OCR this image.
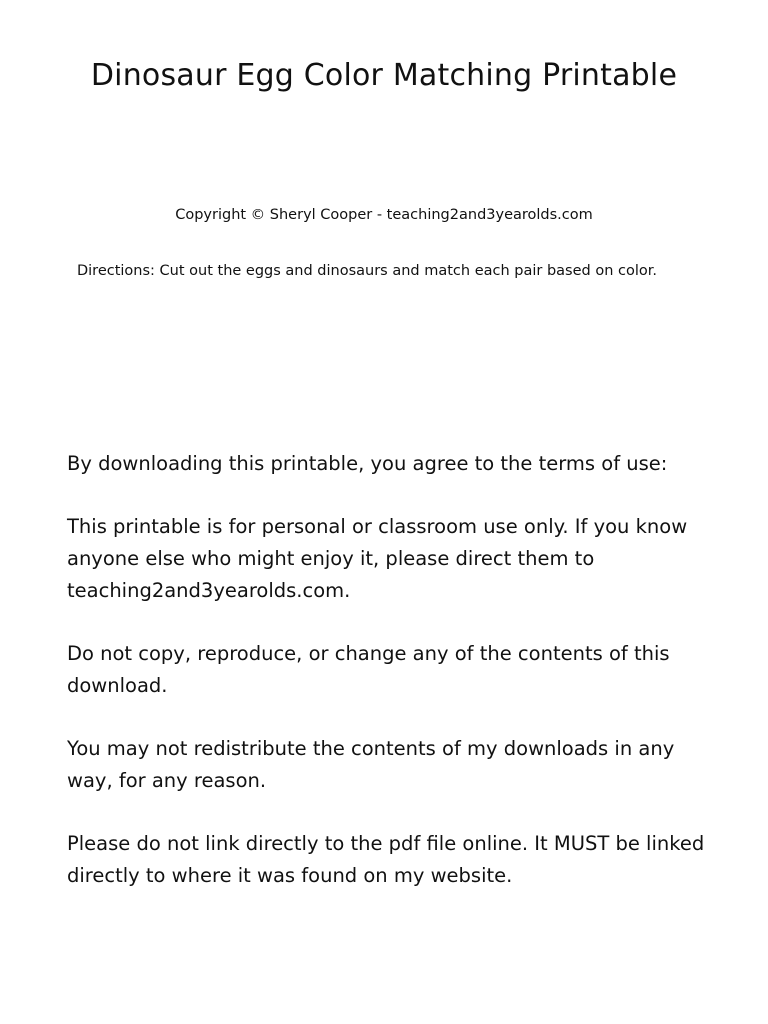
Dinosaur Egg Color Matching Printable

Copyright © Sheryl Cooper - teaching2and3yearolds.com

Directions: Cut out the eggs and dinosaurs and match each pair based on color.

By downloading this printable, you agree to the terms of use:

This printable is for personal or classroom use only. If you know anyone else who might enjoy it, please direct them to teaching2and3yearolds.com.

Do not copy, reproduce, or change any of the contents of this download.

You may not redistribute the contents of my downloads in any way, for any reason.

Please do not link directly to the pdf file online. It MUST be linked directly to where it was found on my website.
